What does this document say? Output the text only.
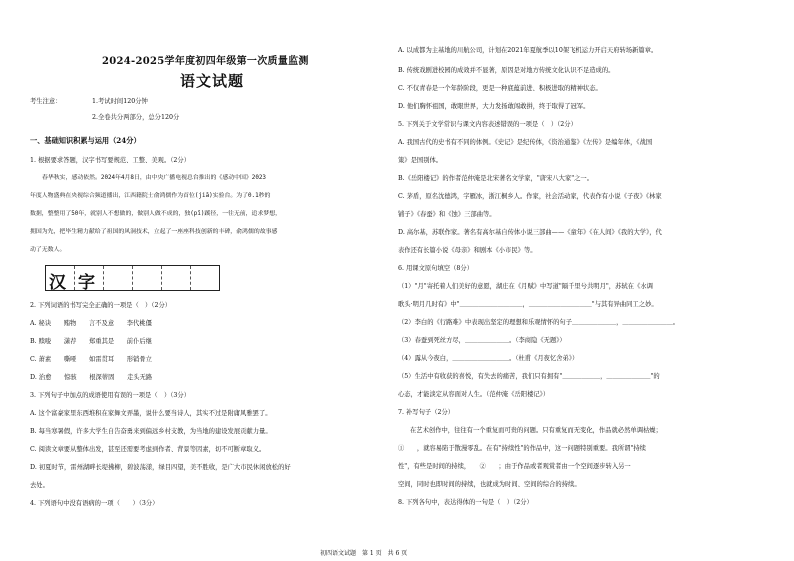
2024-2025学年度初四年级第一次质量监测
语文试题
考生注意：	1.考试时间120分钟
2.全卷共分两部分，总分120分
一、基础知识积累与运用（24分）
1. 根据要求答题，汉字书写要规范、工整、美观。（2分）
春华秋实，感动依然。2024年4月8日，由中央广播电视总台推出的《感动中国》2023
年度人物盛典在央视综合频道播出，江西籍院士俞鸿儒作为首位(jiā)实验台。为了0.1秒的
数据，整整用了50年，就别人不想做的，做别人做不成的，独(pī)蹊径，一往无前，追求梦想，
拥国为先，把毕生精力献给了祖国的风洞技术，立起了一座座科技创新的丰碑，俞鸿儒的故事感
动了无数人。
汉 字
2. 下列词语的书写完全正确的一项是（　）（2分）
A. 秘诀　　贿物　　言不及意　　李代桃僵
B. 赎唆　　潇荐　　郑重其是　　前仆后继
C. 萧素　　嘶哑　　如雷贯耳　　形销骨立
D. 治愈　　惊骇　　根深蒂固　　走头无路
3. 下列句子中加点的成语使用有误的一项是（　）（3分）
A. 这个富豪家里东西堆积在家舞文弄墨，说什么要当诗人，其实不过是附庸风雅罢了。
B. 每当寒暑假，许多大学生自告奋勇来到偏远乡村支教，为当地的建设发展贡献力量。
C. 阅读文章要从整体出发，甚至还需要考虑到作者、背景等因素，切不可断章取义。
D. 初夏时节，雷州湖畔长堤拂柳，碧波荡漾，绿目四望，美不胜收，是广大市民休闲放松的好
去处。
4. 下列语句中没有语病的一项（　　）（3分）
A. 以成都为主基地的川航公司，计划在2021年夏航季以10架飞机运力开启天府转场新篇章。
B. 传统戏剧进校园的成效并不显著，原因是对地方传统文化认识不足造成的。
C. 不仅青春是一个年龄阶段，更是一种底蕴前进、积极进取的精神状态。
D. 他们胸怀祖国，敢眼世界，大力发扬敢闯敢拼，终于取得了冠军。
5. 下列关于文学常识与课文内容表述错误的一项是（　）（2分）
A. 我国古代的史书有不同的体例。《史记》是纪传体，《资治通鉴》《左传》是编年体，《战国
策》是国别体。
B.《岳阳楼记》的作者范仲淹是北宋著名文学家，"唐宋八大家"之一。
C. 茅盾，原名沈德鸿，字雁冰，浙江桐乡人。作家，社会活动家，代表作有小说《子夜》《林家
铺子》《春蚕》和《蚀》三部曲等。
D. 高尔基，苏联作家。著名有高尔基自传体小说三部曲——《童年》《在人间》《我的大学》，代
表作还有长篇小说《母亲》和剧本《小市民》等。
6. 用课文原句填空（8分）
（1）"月"寄托着人们美好的意愿，湖庄在《月赋》中写道"隔千里兮共明月"，苏轼在《水调
歌头·明月几时有》中"＿＿＿＿＿＿＿＿＿＿，＿＿＿＿＿＿＿＿＿＿"与其有异曲同工之妙。
（2）李白的《行路难》中表现出坚定的理想和乐观情怀的句子＿＿＿＿＿＿＿，＿＿＿＿＿＿＿＿。
（3）春蚕到死丝方尽，＿＿＿＿＿＿＿。（李商隐《无题》）
（4）露从今夜白，＿＿＿＿＿＿＿＿＿。（杜甫《月夜忆舍弟》）
（5）生活中有收获的喜悦，有失去的痛苦，我们只有拥有"＿＿＿＿＿＿，＿＿＿＿＿＿＿"的
心态，才能淡定从容面对人生。（范仲淹《岳阳楼记》）
7. 补写句子（2分）
在艺术创作中，往往有一个重复而可贵的问题。只有重复而无变化，作品就必然单调枯燥；
①　　，就容易陷于散漫零乱。在有"持续性"的作品中，这一问题特别重要。我所谓"持续
性"，有些是时间的持续，　　②　　；由于作品或者观赏者由一个空间逐步转入另一
空间，同时也即时间的持续，也就成为时间、空间的综合的持续。
8. 下列各句中，表达得体的一句是（　）（2分）
初四语文试题　第 1 页　共 6 页
